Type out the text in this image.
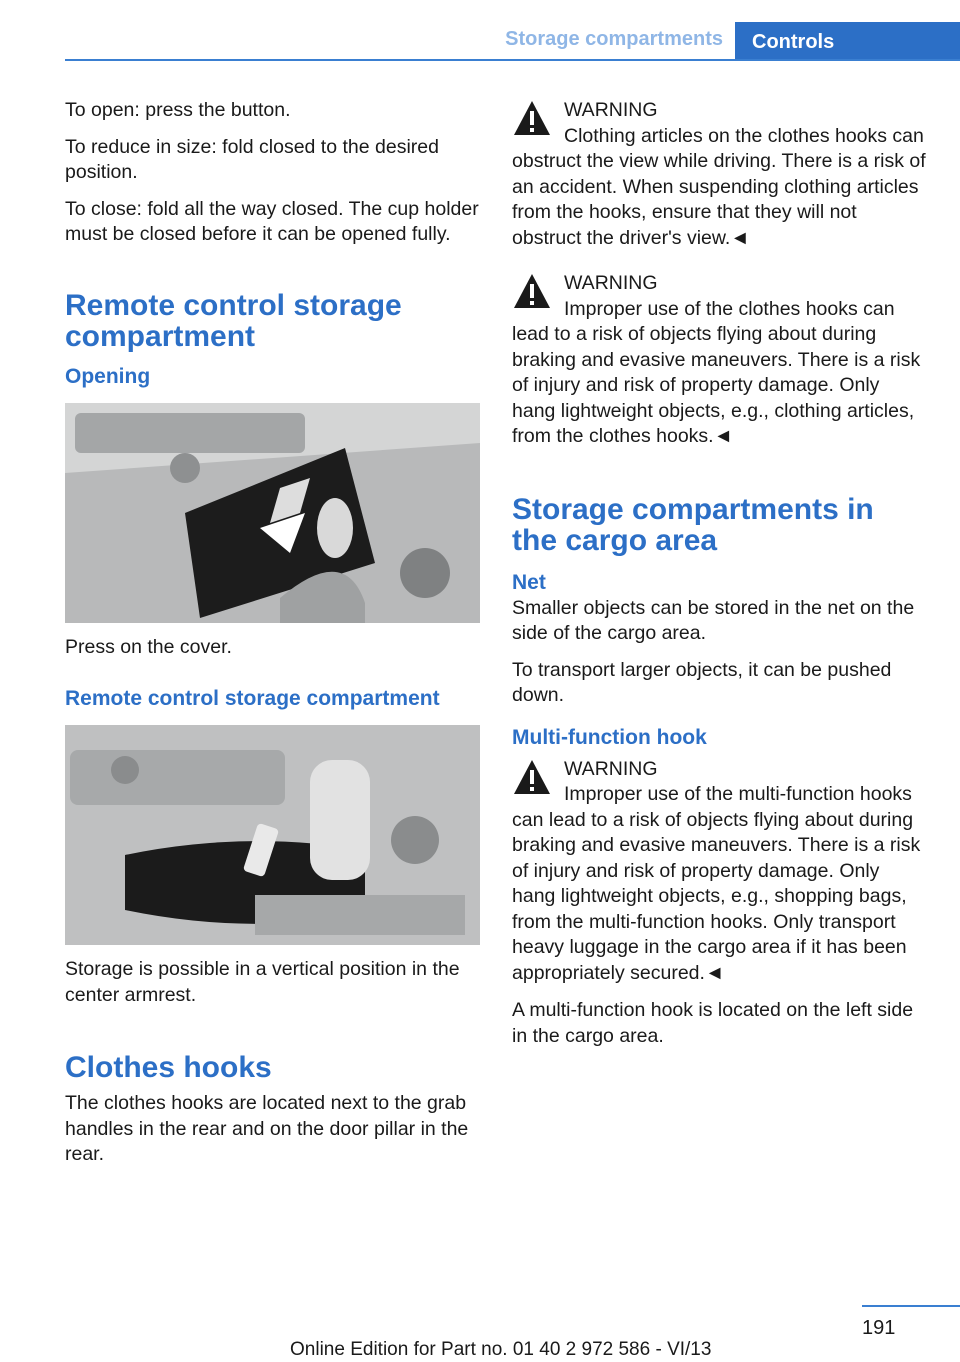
Storage compartments	Controls

To open: press the button.

To reduce in size: fold closed to the desired position.

To close: fold all the way closed. The cup holder must be closed before it can be opened fully.

Remote control storage compartment
Opening

Press on the cover.

Remote control storage compartment

Storage is possible in a vertical position in the center armrest.

Clothes hooks

The clothes hooks are located next to the grab handles in the rear and on the door pillar in the rear.

WARNING
Clothing articles on the clothes hooks can obstruct the view while driving. There is a risk of an accident. When suspending clothing articles from the hooks, ensure that they will not obstruct the driver's view.◄
WARNING
Improper use of the clothes hooks can lead to a risk of objects flying about during braking and evasive maneuvers. There is a risk of injury and risk of property damage. Only hang lightweight objects, e.g., clothing articles, from the clothes hooks.◄
Storage compartments in the cargo area
Net

Smaller objects can be stored in the net on the side of the cargo area.

To transport larger objects, it can be pushed down.

Multi-function hook
WARNING
Improper use of the multi-function hooks can lead to a risk of objects flying about during braking and evasive maneuvers. There is a risk of injury and risk of property damage. Only hang lightweight objects, e.g., shopping bags, from the multi-function hooks. Only transport heavy luggage in the cargo area if it has been appropriately secured.◄

A multi-function hook is located on the left side in the cargo area.

191
Online Edition for Part no. 01 40 2 972 586 - VI/13
